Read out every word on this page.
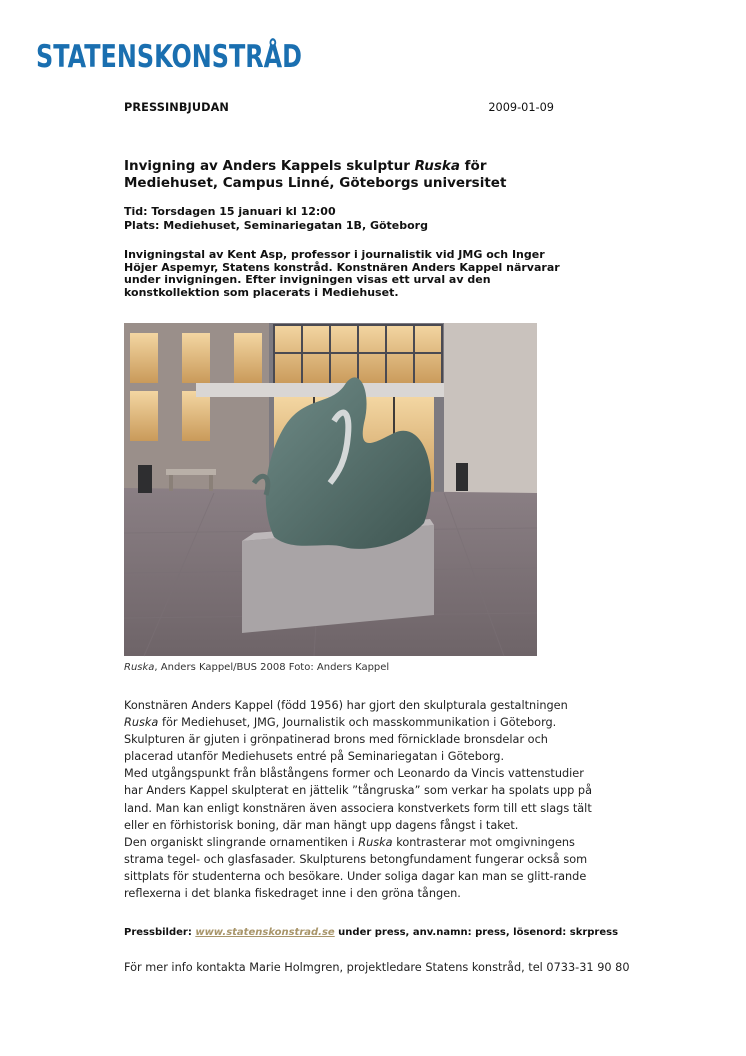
STATENSKONSTRÅD
PRESSINBJUDAN	2009-01-09
Invigning av Anders Kappels skulptur Ruska för Mediehuset, Campus Linné, Göteborgs universitet
Tid: Torsdagen 15 januari kl 12:00
Plats: Mediehuset, Seminariegatan 1B, Göteborg
Invigningstal av Kent Asp, professor i journalistik vid JMG och Inger Höjer Aspemyr, Statens konstråd. Konstnären Anders Kappel närvarar under invigningen. Efter invigningen visas ett urval av den konstkollektion som placerats i Mediehuset.
Ruska, Anders Kappel/BUS 2008 Foto: Anders Kappel

Konstnären Anders Kappel (född 1956) har gjort den skulpturala gestaltningen

Ruska för Mediehuset, JMG, Journalistik och masskommunikation i Göteborg. Skulpturen är gjuten i grönpatinerad brons med förnicklade bronsdelar och placerad utanför Mediehusets entré på Seminariegatan i Göteborg.

Med utgångspunkt från blåstångens former och Leonardo da Vincis vattenstudier har Anders Kappel skulpterat en jättelik ”tångruska” som verkar ha spolats upp på land. Man kan enligt konstnären även associera konstverkets form till ett slags tält eller en förhistorisk boning, där man hängt upp dagens fångst i taket.

Den organiskt slingrande ornamentiken i Ruska kontrasterar mot omgivningens strama tegel- och glasfasader. Skulpturens betongfundament fungerar också som sittplats för studenterna och besökare. Under soliga dagar kan man se glitt-rande reflexerna i det blanka fiskedraget inne i den gröna tången.

Pressbilder: www.statenskonstrad.se under press, anv.namn: press, lösenord: skrpress
För mer info kontakta Marie Holmgren, projektledare Statens konstråd, tel 0733-31 90 80
